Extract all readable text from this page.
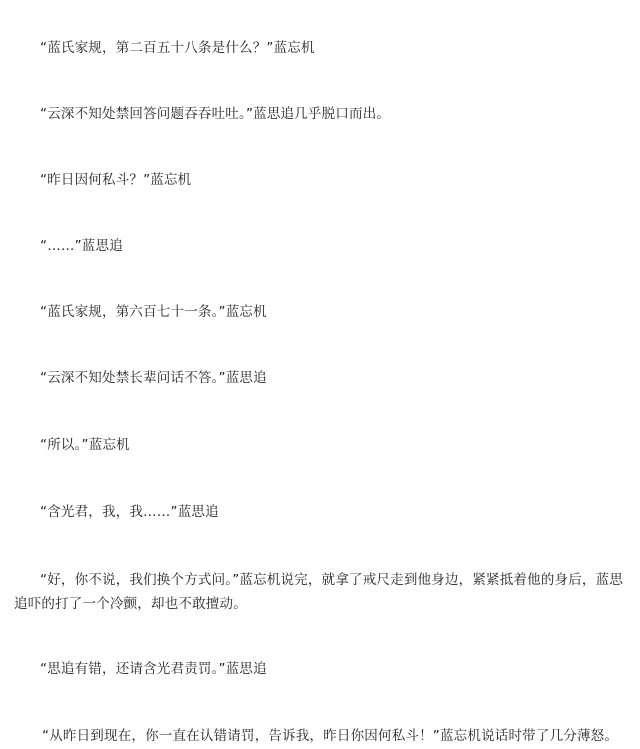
“蓝氏家规，第二百五十八条是什么？”蓝忘机

“云深不知处禁回答问题吞吞吐吐。”蓝思追几乎脱口而出。

“昨日因何私斗？”蓝忘机

“……”蓝思追

“蓝氏家规，第六百七十一条。”蓝忘机

“云深不知处禁长辈问话不答。”蓝思追

“所以。”蓝忘机

“含光君，我，我……”蓝思追

“好，你不说，我们换个方式问。”蓝忘机说完，就拿了戒尺走到他身边，紧紧抵着他的身后，蓝思追吓的打了一个冷颤，却也不敢擅动。

“思追有错，还请含光君责罚。”蓝思追

“从昨日到现在，你一直在认错请罚，告诉我，昨日你因何私斗！”蓝忘机说话时带了几分薄怒。
